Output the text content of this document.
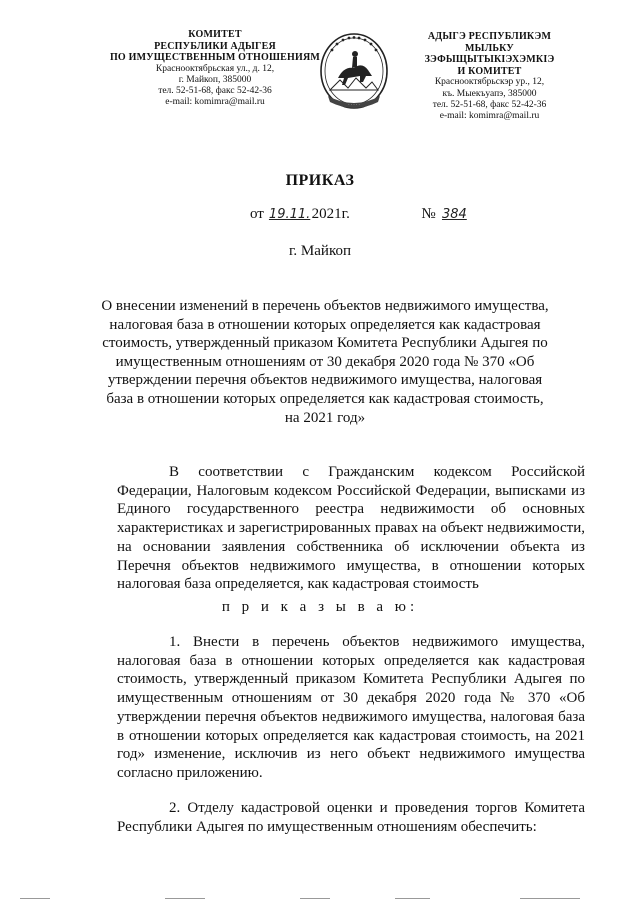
КОМИТЕТ
РЕСПУБЛИКИ АДЫГЕЯ
ПО ИМУЩЕСТВЕННЫМ ОТНОШЕНИЯМ
Краснооктябрьская ул., д. 12,
г. Майкоп, 385000
тел. 52-51-68, факс 52-42-36
e-mail: komimra@mail.ru	. . . . .
АДЫГЭ РЕСПУБЛИКЭМ
МЫЛЬКУ ЗЭФЫЩЫТЫКIЭХЭМКIЭ
И КОМИТЕТ
Краснооктябрьскэр ур., 12,
къ. Мыекъуапэ, 385000
тел. 52-51-68, факс 52-42-36
e-mail: komimra@mail.ru
ПРИКАЗ
от 19.11.2021г.	№ 384
г. Майкоп
О внесении изменений в перечень объектов недвижимого имущества, налоговая база в отношении которых определяется как кадастровая стоимость, утвержденный приказом Комитета Республики Адыгея по имущественным отношениям от 30 декабря 2020 года № 370 «Об утверждении перечня объектов недвижимого имущества, налоговая база в отношении которых определяется как кадастровая стоимость, на 2021 год»
В соответствии с Гражданским кодексом Российской Федерации, Налоговым кодексом Российской Федерации, выписками из Единого государственного реестра недвижимости об основных характеристиках и зарегистрированных правах на объект недвижимости, на основании заявления собственника об исключении объекта из Перечня объектов недвижимого имущества, в отношении которых налоговая база определяется, как кадастровая стоимость
п р и к а з ы в а ю:
1. Внести в перечень объектов недвижимого имущества, налоговая база в отношении которых определяется как кадастровая стоимость, утвержденный приказом Комитета Республики Адыгея по имущественным отношениям от 30 декабря 2020 года № 370 «Об утверждении перечня объектов недвижимого имущества, налоговая база в отношении которых определяется как кадастровая стоимость, на 2021 год» изменение, исключив из него объект недвижимого имущества согласно приложению.
2. Отделу кадастровой оценки и проведения торгов Комитета Республики Адыгея по имущественным отношениям обеспечить:
